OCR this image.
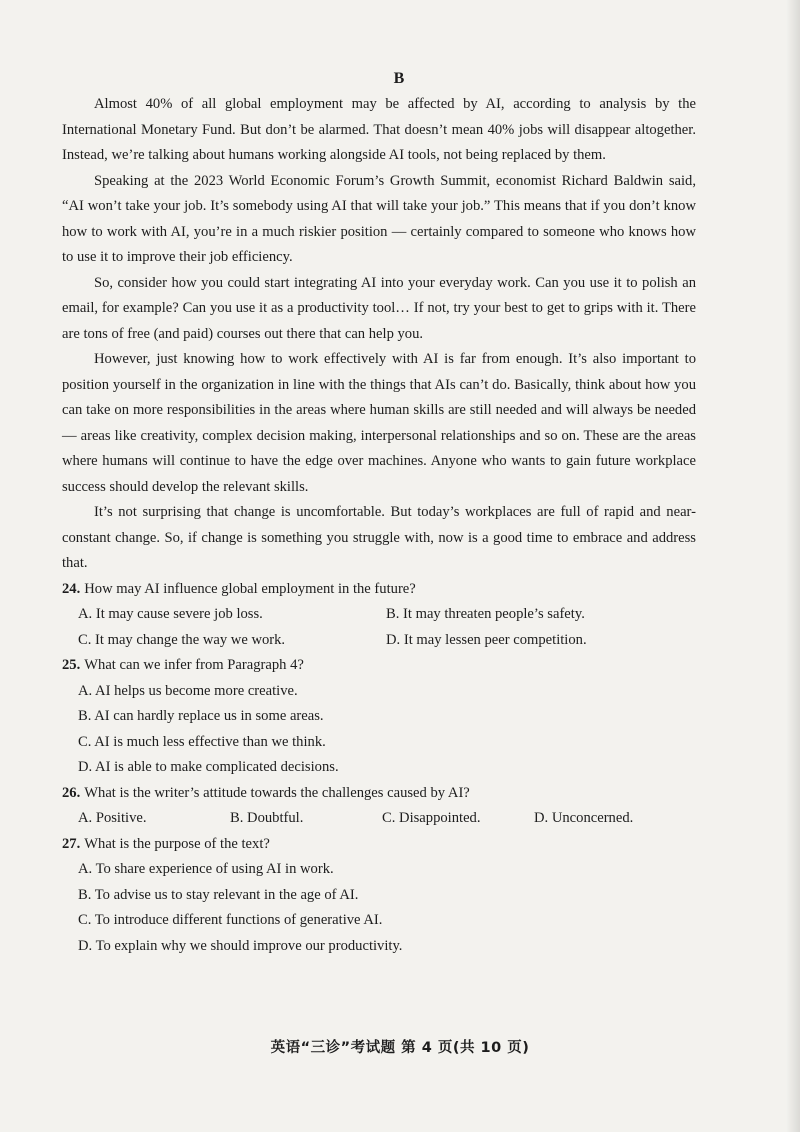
B

Almost 40% of all global employment may be affected by AI, according to analysis by the International Monetary Fund. But don’t be alarmed. That doesn’t mean 40% jobs will disappear altogether. Instead, we’re talking about humans working alongside AI tools, not being replaced by them.

Speaking at the 2023 World Economic Forum’s Growth Summit, economist Richard Baldwin said, “AI won’t take your job. It’s somebody using AI that will take your job.” This means that if you don’t know how to work with AI, you’re in a much riskier position — certainly compared to someone who knows how to use it to improve their job efficiency.

So, consider how you could start integrating AI into your everyday work. Can you use it to polish an email, for example? Can you use it as a productivity tool… If not, try your best to get to grips with it. There are tons of free (and paid) courses out there that can help you.

However, just knowing how to work effectively with AI is far from enough. It’s also important to position yourself in the organization in line with the things that AIs can’t do. Basically, think about how you can take on more responsibilities in the areas where human skills are still needed and will always be needed — areas like creativity, complex decision making, interpersonal relationships and so on. These are the areas where humans will continue to have the edge over machines. Anyone who wants to gain future workplace success should develop the relevant skills.

It’s not surprising that change is uncomfortable. But today’s workplaces are full of rapid and near-constant change. So, if change is something you struggle with, now is a good time to embrace and address that.

24. How may AI influence global employment in the future?
A. It may cause severe job loss.	B. It may threaten people’s safety.
C. It may change the way we work.	D. It may lessen peer competition.
25. What can we infer from Paragraph 4?
A. AI helps us become more creative.
B. AI can hardly replace us in some areas.
C. AI is much less effective than we think.
D. AI is able to make complicated decisions.
26. What is the writer’s attitude towards the challenges caused by AI?
A. Positive.	B. Doubtful.	C. Disappointed.	D. Unconcerned.
27. What is the purpose of the text?
A. To share experience of using AI in work.
B. To advise us to stay relevant in the age of AI.
C. To introduce different functions of generative AI.
D. To explain why we should improve our productivity.
英语“三诊”考试题 第 4 页(共 10 页)
